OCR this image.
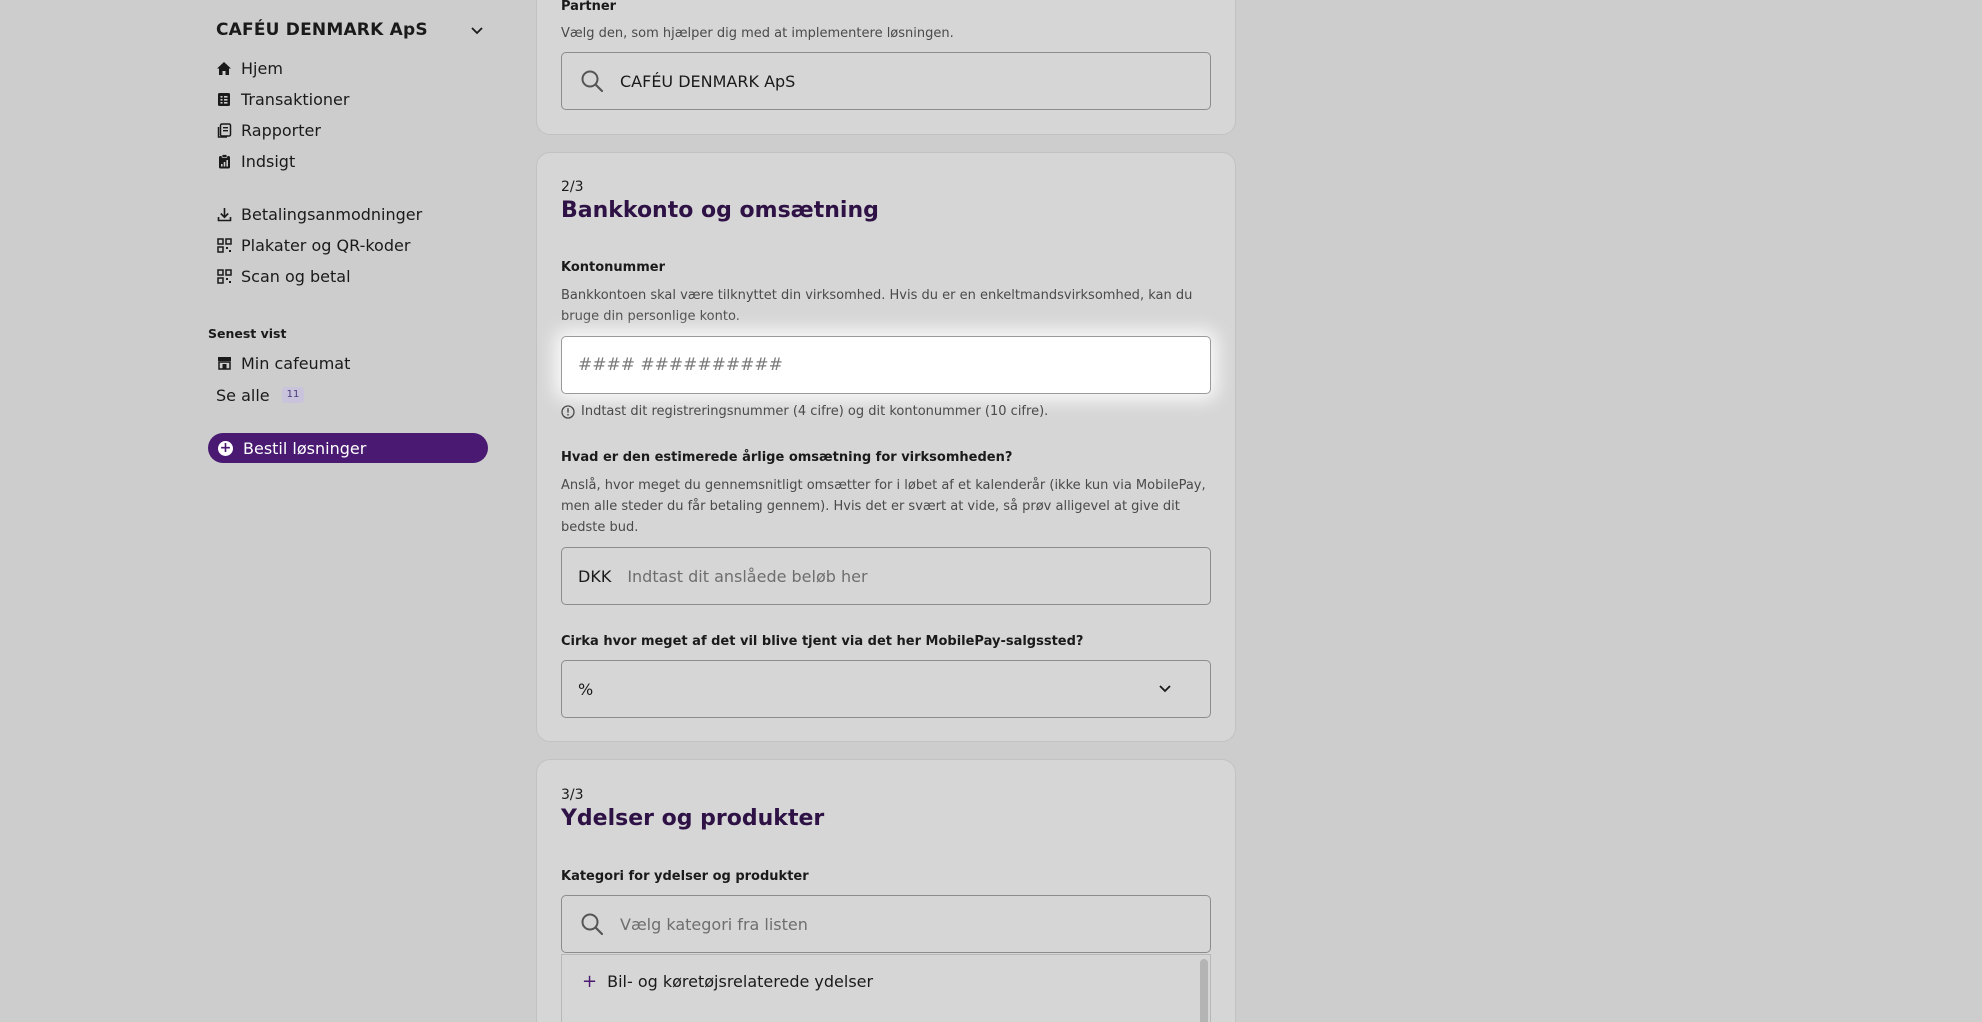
CAFÉU DENMARK ApS
Hjem
Transaktioner
Rapporter
Indsigt
Betalingsanmodninger
Plakater og QR-koder
Scan og betal
Senest vist
Min cafeumat
Se alle	11
+ Bestil løsninger
Partner
Vælg den, som hjælper dig med at implementere løsningen.
CAFÉU DENMARK ApS
2/3
Bankkonto og omsætning
Kontonummer
Bankkontoen skal være tilknyttet din virksomhed. Hvis du er en enkeltmandsvirksomhed, kan du bruge din personlige konto.
#### ##########
Indtast dit registreringsnummer (4 cifre) og dit kontonummer (10 cifre).
Hvad er den estimerede årlige omsætning for virksomheden?
Anslå, hvor meget du gennemsnitligt omsætter for i løbet af et kalenderår (ikke kun via MobilePay, men alle steder du får betaling gennem). Hvis det er svært at vide, så prøv alligevel at give dit bedste bud.
DKK Indtast dit anslåede beløb her
Cirka hvor meget af det vil blive tjent via det her MobilePay-salgssted?
%
3/3
Ydelser og produkter
Kategori for ydelser og produkter
Vælg kategori fra listen
+ Bil- og køretøjsrelaterede ydelser
